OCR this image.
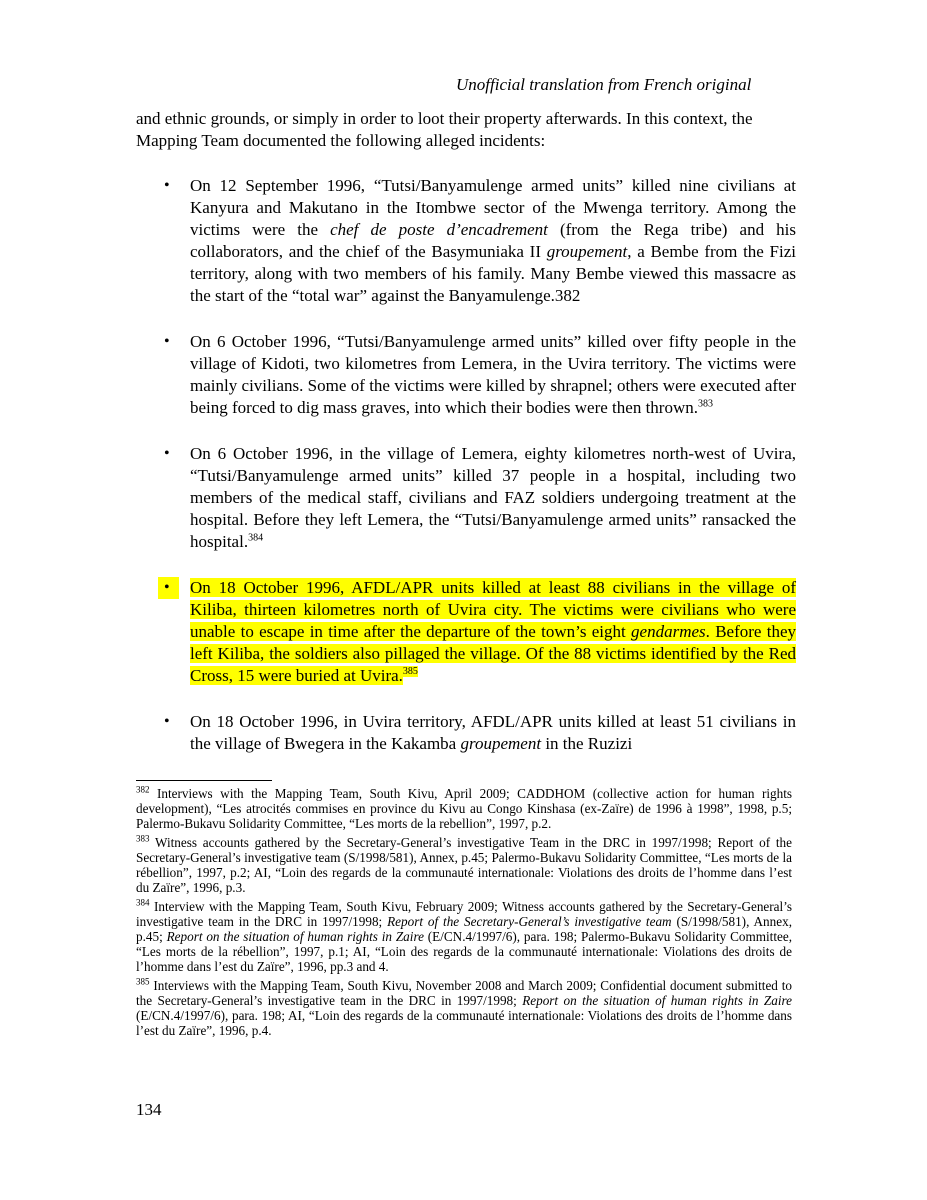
Unofficial translation from French original
and ethnic grounds, or simply in order to loot their property afterwards. In this context, the Mapping Team documented the following alleged incidents:
• On 12 September 1996, “Tutsi/Banyamulenge armed units” killed nine civilians at Kanyura and Makutano in the Itombwe sector of the Mwenga territory. Among the victims were the chef de poste d’encadrement (from the Rega tribe) and his collaborators, and the chief of the Basymuniaka II groupement, a Bembe from the Fizi territory, along with two members of his family. Many Bembe viewed this massacre as the start of the “total war” against the Banyamulenge.382
• On 6 October 1996, “Tutsi/Banyamulenge armed units” killed over fifty people in the village of Kidoti, two kilometres from Lemera, in the Uvira territory. The victims were mainly civilians. Some of the victims were killed by shrapnel; others were executed after being forced to dig mass graves, into which their bodies were then thrown.$^{383}$
• On 6 October 1996, in the village of Lemera, eighty kilometres north-west of Uvira, “Tutsi/Banyamulenge armed units” killed 37 people in a hospital, including two members of the medical staff, civilians and FAZ soldiers undergoing treatment at the hospital. Before they left Lemera, the “Tutsi/Banyamulenge armed units” ransacked the hospital.$^{384}$
•	On 18 October 1996, AFDL/APR units killed at least 88 civilians in the village of Kiliba, thirteen kilometres north of Uvira city. The victims were civilians who were unable to escape in time after the departure of the town’s eight gendarmes. Before they left Kiliba, the soldiers also pillaged the village. Of the 88 victims identified by the Red Cross, 15 were buried at Uvira.$^{385}$
• On 18 October 1996, in Uvira territory, AFDL/APR units killed at least 51 civilians in the village of Bwegera in the Kakamba groupement in the Ruzizi
$^{382}$ Interviews with the Mapping Team, South Kivu, April 2009; CADDHOM (collective action for human rights development), “Les atrocités commises en province du Kivu au Congo Kinshasa (ex-Zaïre) de 1996 à 1998”, 1998, p.5; Palermo-Bukavu Solidarity Committee, “Les morts de la rebellion”, 1997, p.2.
$^{383}$ Witness accounts gathered by the Secretary-General’s investigative Team in the DRC in 1997/1998; Report of the Secretary-General’s investigative team (S/1998/581), Annex, p.45; Palermo-Bukavu Solidarity Committee, “Les morts de la rébellion”, 1997, p.2; AI, “Loin des regards de la communauté internationale: Violations des droits de l’homme dans l’est du Zaïre”, 1996, p.3.
$^{384}$ Interview with the Mapping Team, South Kivu, February 2009; Witness accounts gathered by the Secretary-General’s investigative team in the DRC in 1997/1998; Report of the Secretary-General’s investigative team (S/1998/581), Annex, p.45; Report on the situation of human rights in Zaire (E/CN.4/1997/6), para. 198; Palermo-Bukavu Solidarity Committee, “Les morts de la rébellion”, 1997, p.1; AI, “Loin des regards de la communauté internationale: Violations des droits de l’homme dans l’est du Zaïre”, 1996, pp.3 and 4.
$^{385}$ Interviews with the Mapping Team, South Kivu, November 2008 and March 2009; Confidential document submitted to the Secretary-General’s investigative team in the DRC in 1997/1998; Report on the situation of human rights in Zaire (E/CN.4/1997/6), para. 198; AI, “Loin des regards de la communauté internationale: Violations des droits de l’homme dans l’est du Zaïre”, 1996, p.4.
134
